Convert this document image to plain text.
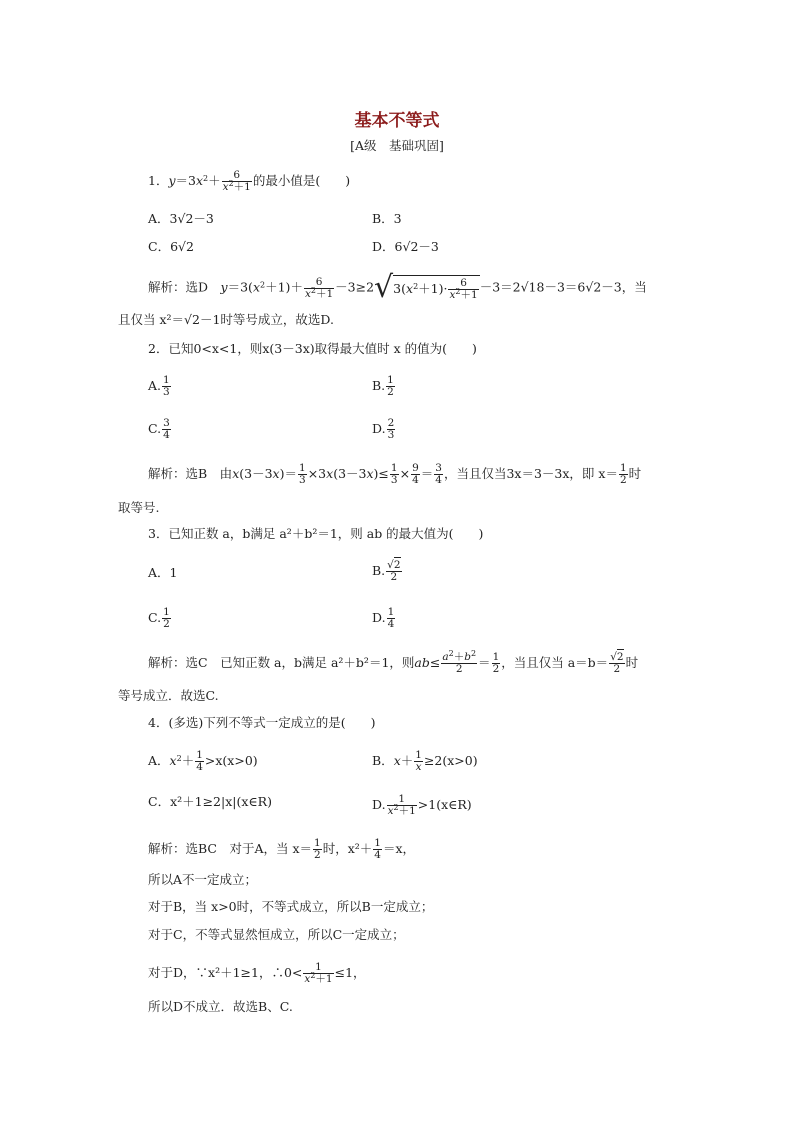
基本不等式
[A级　基础巩固]
1．$y=3x^2+ \frac{6}{x^2+1}$ 的最小值是(　　)
A．3√2－3	B．3
C．6√2	D．6√2－3
解析：选D　 $y=3(x^2+1)+ \frac{6}{x^2+1} -3\ge 2√3(x^2+1)\cdot \frac{6}{x^2+1} -3=2√18-3=6√2-3$，当
且仅当 x²＝√2－1时等号成立，故选D.
2．已知0<x<1，则x(3－3x)取得最大值时 x 的值为(　　)
A. $\frac{1}{3}$	B. $\frac{1}{2}$
C. $\frac{3}{4}$	D. $\frac{2}{3}$
解析：选B　由$x(3-3x)= \frac{1}{3} \times 3x(3-3x)\le \frac{1}{3} \times \frac{9}{4} = \frac{3}{4}$ ，当且仅当3x＝3－3x，即 $x= \frac{1}{2}$ 时
取等号.
3．已知正数 a，b满足 a²＋b²＝1，则 ab 的最大值为(　　)
A．1	B. $\frac{√2}{2}$
C. $\frac{1}{2}$	D. $\frac{1}{4}$
解析：选C　已知正数 a，b满足 a²＋b²＝1，则$ab\le \frac{a^2+b^2}{2} = \frac{1}{2}$ ，当且仅当 $a=b= \frac{√2}{2}$ 时
等号成立．故选C.
4．(多选)下列不等式一定成立的是(　　)
A．$x^2+ \frac{1}{4} >x(x>0)$	B．$x+ \frac{1}{x} \ge 2(x>0)$
C．x²＋1≥2|x|(x∈R)	D. $\frac{1}{x^2+1}$ >1(x∈R)
解析：选BC　对于A，当 $x= \frac{1}{2}$ 时，$x^2+ \frac{1}{4} =x$，
所以A不一定成立；
对于B，当 x>0时，不等式成立，所以B一定成立；
对于C，不等式显然恒成立，所以C一定成立；
对于D，∵x²＋1≥1，∴0< $\frac{1}{x^2+1} \le 1$，
所以D不成立．故选B、C.
